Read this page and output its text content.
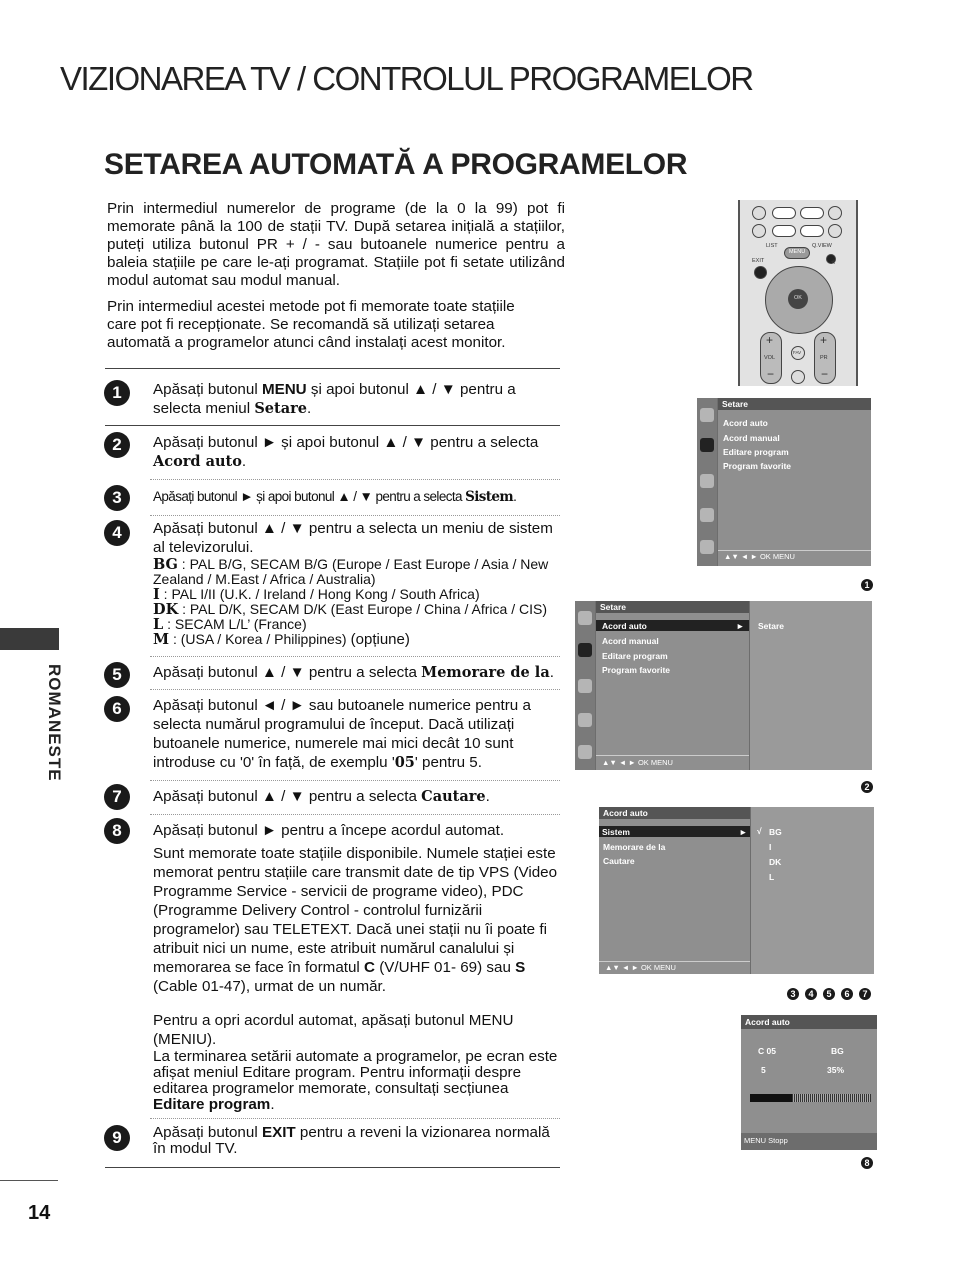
VIZIONAREA TV / CONTROLUL PROGRAMELOR
SETAREA AUTOMATĂ A PROGRAMELOR
Prin intermediul numerelor de programe (de la 0 la 99) pot fi memorate până la 100 de stații TV. După setarea inițială a stațiilor, puteți utiliza butonul PR + / - sau butoanele numerice pentru a baleia stațiile pe care le-ați programat. Stațiile pot fi setate utilizând modul automat sau modul manual.
Prin intermediul acestei metode pot fi memorate toate stațiile care pot fi recepționate. Se recomandă să utilizați setarea automată a programelor atunci când instalați acest monitor.
1
2
3
4
5
6
7
8
9
Apăsați butonul MENU și apoi butonul ▲ / ▼ pentru a selecta meniul Setare.
Apăsați butonul ► și apoi butonul ▲ / ▼ pentru a selecta Acord auto.
Apăsați butonul ► și apoi butonul ▲ / ▼ pentru a selecta Sistem.
Apăsați butonul ▲ / ▼ pentru a selecta un meniu de sistem al televizorului.
BG : PAL B/G, SECAM B/G (Europe / East Europe / Asia / New Zealand / M.East / Africa / Australia)
I : PAL I/II (U.K. / Ireland / Hong Kong / South Africa)
DK : PAL D/K, SECAM D/K (East Europe / China / Africa / CIS)
L : SECAM L/L’ (France)
M : (USA / Korea / Philippines) (opțiune)
Apăsați butonul ▲ / ▼ pentru a selecta Memorare de la.
Apăsați butonul ◄ / ► sau butoanele numerice pentru a selecta numărul programului de început. Dacă utilizați butoanele numerice, numerele mai mici decât 10 sunt introduse cu '0' în față, de exemplu '05' pentru 5.
Apăsați butonul ▲ / ▼ pentru a selecta Cautare.
Apăsați butonul ► pentru a începe acordul automat.
Sunt memorate toate stațiile disponibile. Numele stației este memorat pentru stațiile care transmit date de tip VPS (Video Programme Service - servicii de programe video), PDC (Programme Delivery Control - controlul furnizării programelor) sau TELETEXT. Dacă unei stații nu îi poate fi atribuit nici un nume, este atribuit numărul canalului și memorarea se face în formatul C (V/UHF 01- 69) sau S (Cable 01-47), urmat de un număr.
Pentru a opri acordul automat, apăsați butonul MENU (MENIU).
La terminarea setării automate a programelor, pe ecran este afișat meniul Editare program. Pentru informații despre editarea programelor memorate, consultați secțiunea Editare program.
Apăsați butonul EXIT pentru a reveni la vizionarea normală în modul TV.
ROMANESTE
14
LIST
MENU
Q.VIEW
EXIT	★
OK
+
VOL
−
FAV
+
PR
−
Setare
Acord auto
Acord manual
Editare program
Program favorite
▲▼ ◄ ► OK MENU
1
Setare
Acord auto	►
Acord manual
Editare program
Program favorite
▲▼ ◄ ► OK MENU
Setare
2
Acord auto
Sistem	►
Memorare de la
Cautare
▲▼ ◄ ► OK MENU
√ BG
I
DK
L
3	4	5	6	7
Acord auto
C 05	BG
5	35%
MENU Stopp
8
